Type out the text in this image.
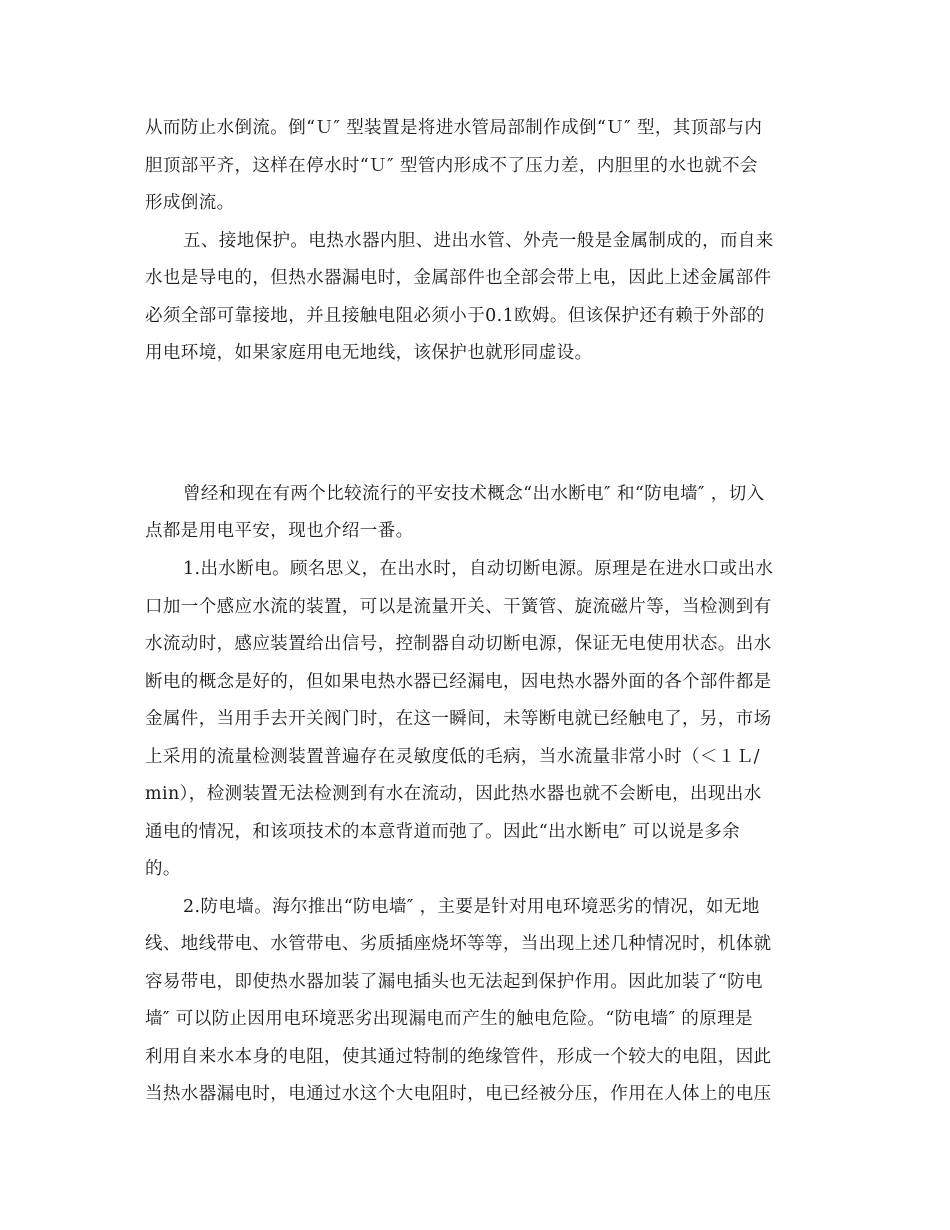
从而防止水倒流。倒“Ｕ″ 型装置是将进水管局部制作成倒“Ｕ″ 型，其顶部与内
胆顶部平齐，这样在停水时“Ｕ″ 型管内形成不了压力差，内胆里的水也就不会
形成倒流。
五、接地保护。电热水器内胆、进出水管、外壳一般是金属制成的，而自来
水也是导电的，但热水器漏电时，金属部件也全部会带上电，因此上述金属部件
必须全部可靠接地，并且接触电阻必须小于0.1欧姆。但该保护还有赖于外部的
用电环境，如果家庭用电无地线，该保护也就形同虚设。
曾经和现在有两个比较流行的平安技术概念“出水断电″ 和“防电墙″ ，切入
点都是用电平安，现也介绍一番。
1.出水断电。顾名思义，在出水时，自动切断电源。原理是在进水口或出水
口加一个感应水流的装置，可以是流量开关、干簧管、旋流磁片等，当检测到有
水流动时，感应装置给出信号，控制器自动切断电源，保证无电使用状态。出水
断电的概念是好的，但如果电热水器已经漏电，因电热水器外面的各个部件都是
金属件，当用手去开关阀门时，在这一瞬间，未等断电就已经触电了，另，市场
上采用的流量检测装置普遍存在灵敏度低的毛病，当水流量非常小时（＜１Ｌ/
min），检测装置无法检测到有水在流动，因此热水器也就不会断电，出现出水
通电的情况，和该项技术的本意背道而弛了。因此“出水断电″ 可以说是多余
的。
2.防电墙。海尔推出“防电墙″ ，主要是针对用电环境恶劣的情况，如无地
线、地线带电、水管带电、劣质插座烧坏等等，当出现上述几种情况时，机体就
容易带电，即使热水器加装了漏电插头也无法起到保护作用。因此加装了“防电
墙″ 可以防止因用电环境恶劣出现漏电而产生的触电危险。“防电墙″ 的原理是
利用自来水本身的电阻，使其通过特制的绝缘管件，形成一个较大的电阻，因此
当热水器漏电时，电通过水这个大电阻时，电已经被分压，作用在人体上的电压
